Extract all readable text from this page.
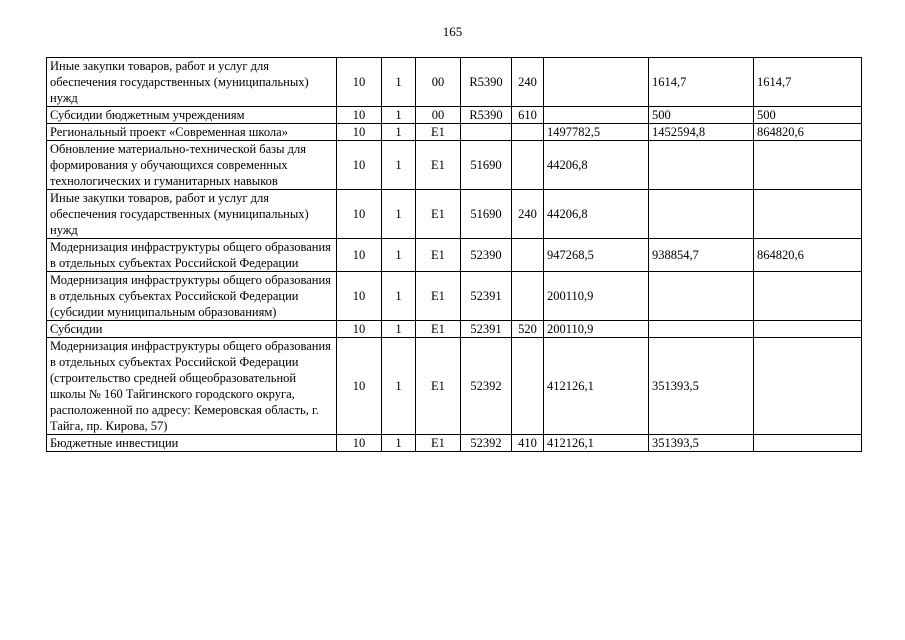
165
Иные закупки товаров, работ и услуг для обеспечения государственных (муниципальных) нужд	10	1	00	R5390	240		1614,7	1614,7
Субсидии бюджетным учреждениям	10	1	00	R5390	610		500	500
Региональный проект «Современная школа»	10	1	E1			1497782,5	1452594,8	864820,6
Обновление материально-технической базы для формирования у обучающихся современных технологических и гуманитарных навыков	10	1	E1	51690		44206,8		
Иные закупки товаров, работ и услуг для обеспечения государственных (муниципальных) нужд	10	1	E1	51690	240	44206,8		
Модернизация инфраструктуры общего образования в отдельных субъектах Российской Федерации	10	1	E1	52390		947268,5	938854,7	864820,6
Модернизация инфраструктуры общего образования в отдельных субъектах Российской Федерации (субсидии муниципальным образованиям)	10	1	E1	52391		200110,9		
Субсидии	10	1	E1	52391	520	200110,9		
Модернизация инфраструктуры общего образования в отдельных субъектах Российской Федерации (строительство средней общеобразовательной школы № 160 Тайгинского городского округа, расположенной по адресу: Кемеровская область, г. Тайга, пр. Кирова, 57)	10	1	E1	52392		412126,1	351393,5	
Бюджетные инвестиции	10	1	E1	52392	410	412126,1	351393,5	
